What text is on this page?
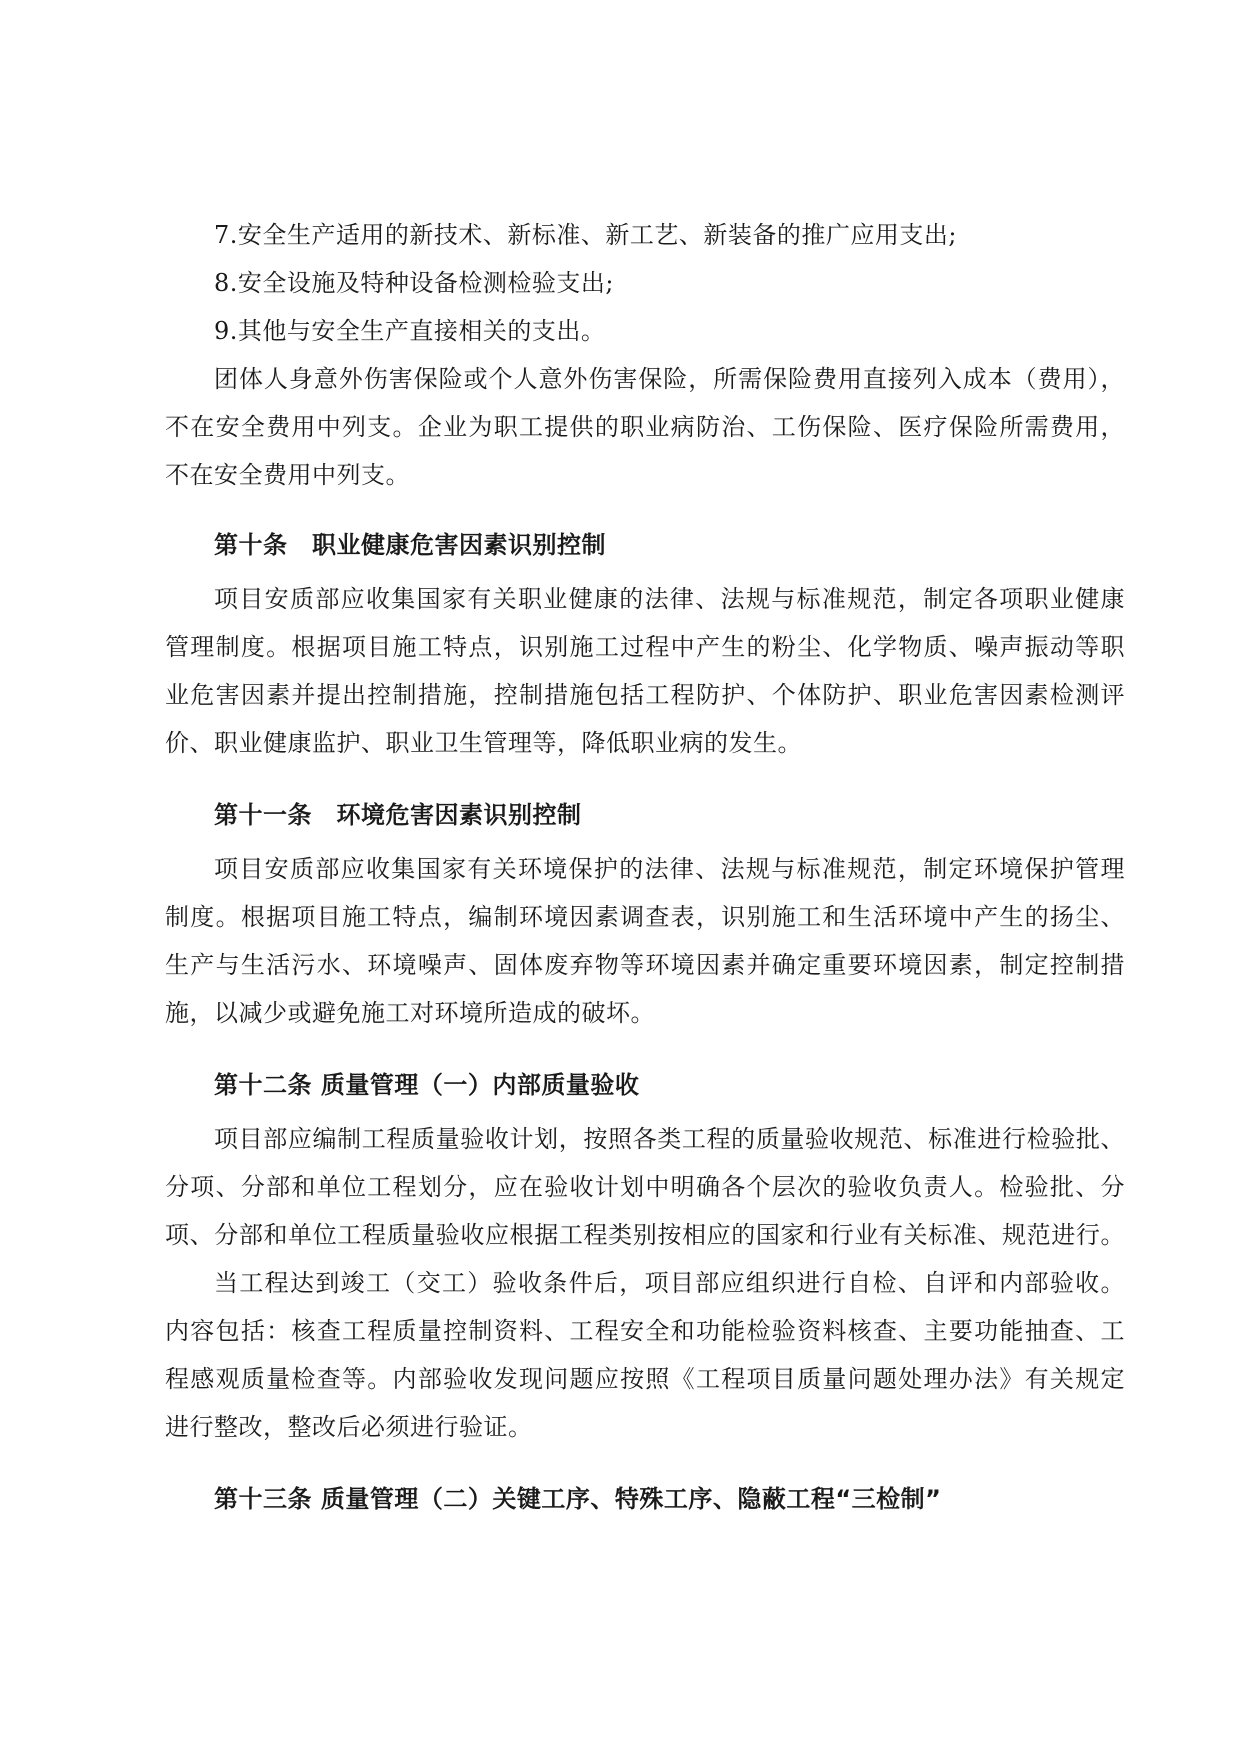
7.安全生产适用的新技术、新标准、新工艺、新装备的推广应用支出;
8.安全设施及特种设备检测检验支出;
9.其他与安全生产直接相关的支出。
团体人身意外伤害保险或个人意外伤害保险，所需保险费用直接列入成本（费用），
不在安全费用中列支。企业为职工提供的职业病防治、工伤保险、医疗保险所需费用，
不在安全费用中列支。
第十条　职业健康危害因素识别控制
项目安质部应收集国家有关职业健康的法律、法规与标准规范，制定各项职业健康
管理制度。根据项目施工特点，识别施工过程中产生的粉尘、化学物质、噪声振动等职
业危害因素并提出控制措施，控制措施包括工程防护、个体防护、职业危害因素检测评
价、职业健康监护、职业卫生管理等，降低职业病的发生。
第十一条　环境危害因素识别控制
项目安质部应收集国家有关环境保护的法律、法规与标准规范，制定环境保护管理
制度。根据项目施工特点，编制环境因素调查表，识别施工和生活环境中产生的扬尘、
生产与生活污水、环境噪声、固体废弃物等环境因素并确定重要环境因素，制定控制措
施，以减少或避免施工对环境所造成的破坏。
第十二条 质量管理（一）内部质量验收
项目部应编制工程质量验收计划，按照各类工程的质量验收规范、标准进行检验批、
分项、分部和单位工程划分，应在验收计划中明确各个层次的验收负责人。检验批、分
项、分部和单位工程质量验收应根据工程类别按相应的国家和行业有关标准、规范进行。
当工程达到竣工（交工）验收条件后，项目部应组织进行自检、自评和内部验收。
内容包括：核查工程质量控制资料、工程安全和功能检验资料核查、主要功能抽查、工
程感观质量检查等。内部验收发现问题应按照《工程项目质量问题处理办法》有关规定
进行整改，整改后必须进行验证。
第十三条 质量管理（二）关键工序、特殊工序、隐蔽工程“三检制”
